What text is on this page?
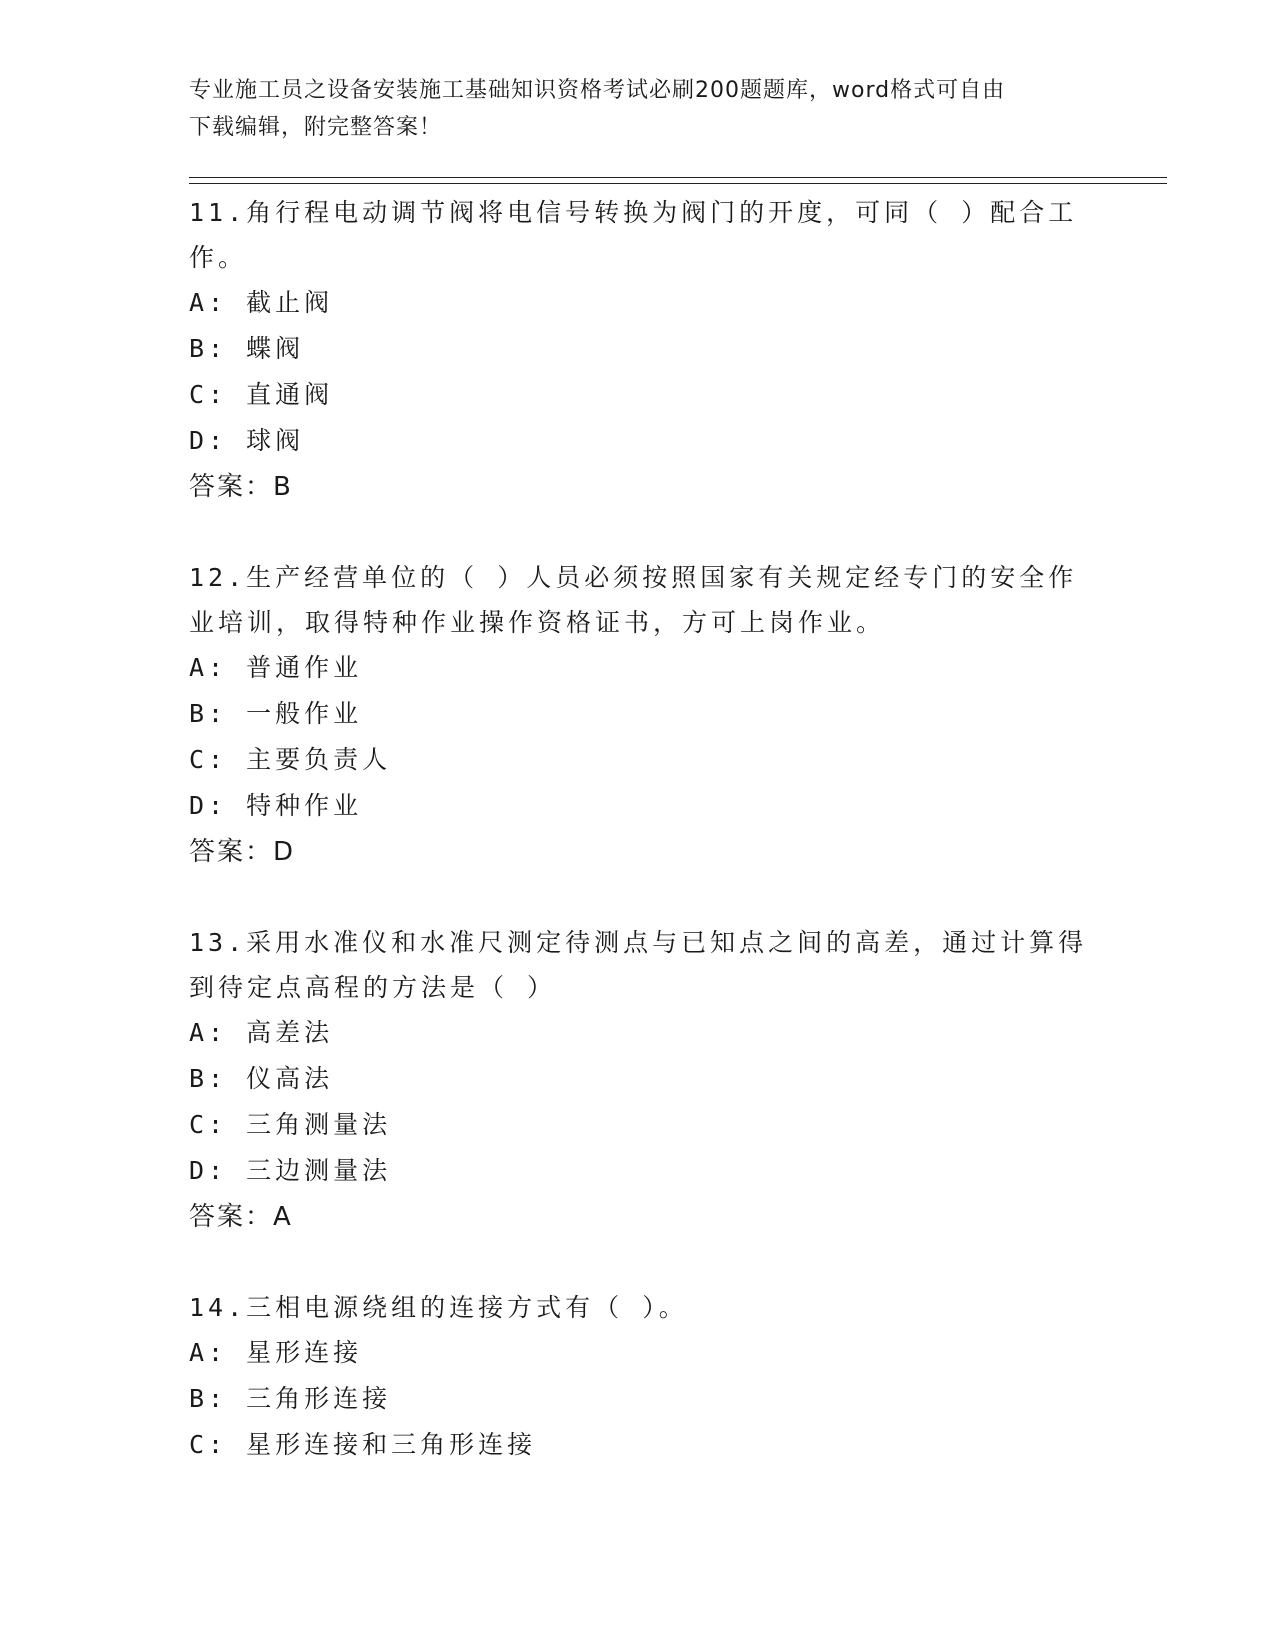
专业施工员之设备安装施工基础知识资格考试必刷200题题库，word格式可自由
下载编辑，附完整答案！

11.角行程电动调节阀将电信号转换为阀门的开度，可同（ ）配合工

作。

A: 截止阀

B: 蝶阀

C: 直通阀

D: 球阀

答案：B

12.生产经营单位的（ ）人员必须按照国家有关规定经专门的安全作

业培训，取得特种作业操作资格证书，方可上岗作业。

A: 普通作业

B: 一般作业

C: 主要负责人

D: 特种作业

答案：D

13.采用水准仪和水准尺测定待测点与已知点之间的高差，通过计算得

到待定点高程的方法是（ ）

A: 高差法

B: 仪高法

C: 三角测量法

D: 三边测量法

答案：A

14.三相电源绕组的连接方式有（ ）。

A: 星形连接

B: 三角形连接

C: 星形连接和三角形连接
